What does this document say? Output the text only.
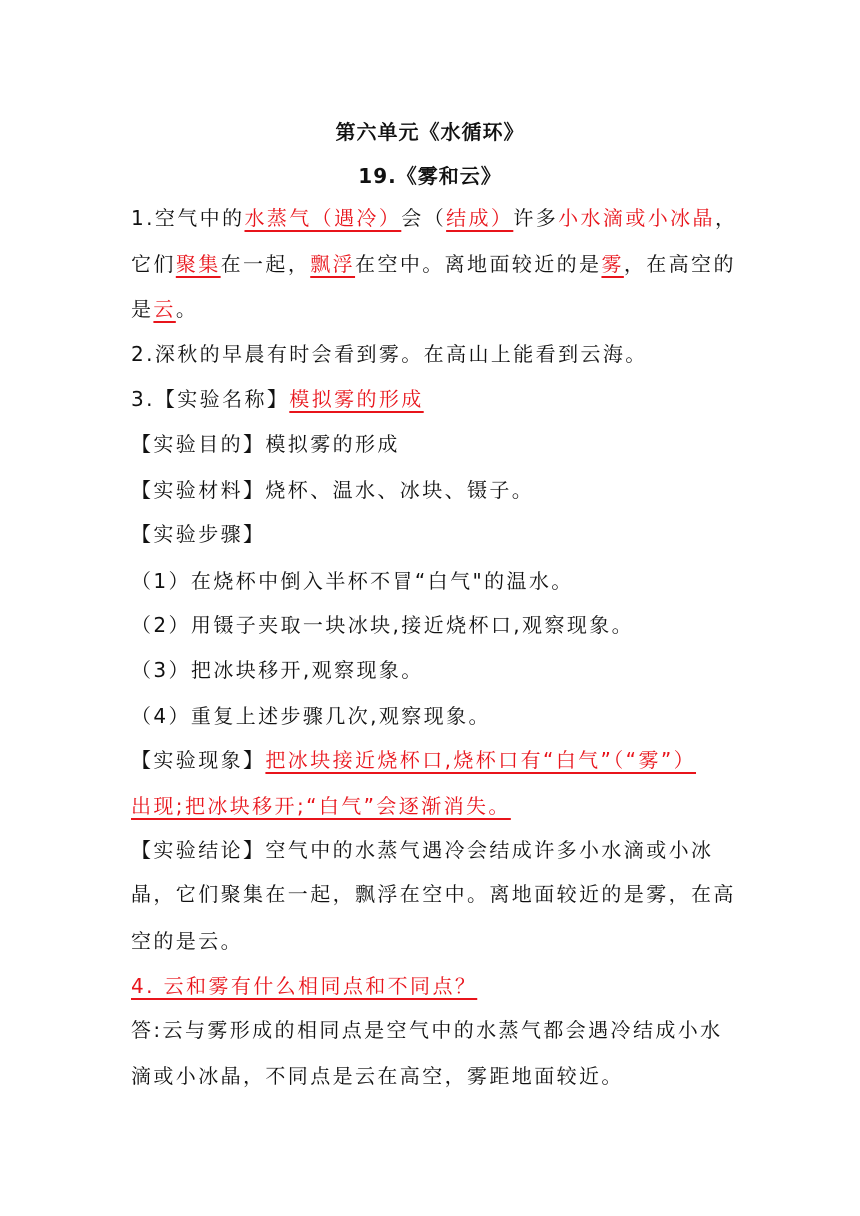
第六单元《水循环》
19.《雾和云》
1.空气中的水蒸气（遇冷）会（结成）许多小水滴或小冰晶，
它们聚集在一起，飘浮在空中。离地面较近的是雾，在高空的
是云。
2.深秋的早晨有时会看到雾。在高山上能看到云海。
3.【实验名称】模拟雾的形成
【实验目的】模拟雾的形成
【实验材料】烧杯、温水、冰块、镊子。
【实验步骤】
（1）在烧杯中倒入半杯不冒“白气"的温水。
（2）用镊子夹取一块冰块,接近烧杯口,观察现象。
（3）把冰块移开,观察现象。
（4）重复上述步骤几次,观察现象。
【实验现象】把冰块接近烧杯口,烧杯口有“白气”（“雾”）
出现;把冰块移开;“白气”会逐渐消失。
【实验结论】空气中的水蒸气遇冷会结成许多小水滴或小冰
晶，它们聚集在一起，飘浮在空中。离地面较近的是雾，在高
空的是云。
4. 云和雾有什么相同点和不同点？
答:云与雾形成的相同点是空气中的水蒸气都会遇冷结成小水
滴或小冰晶，不同点是云在高空，雾距地面较近。
